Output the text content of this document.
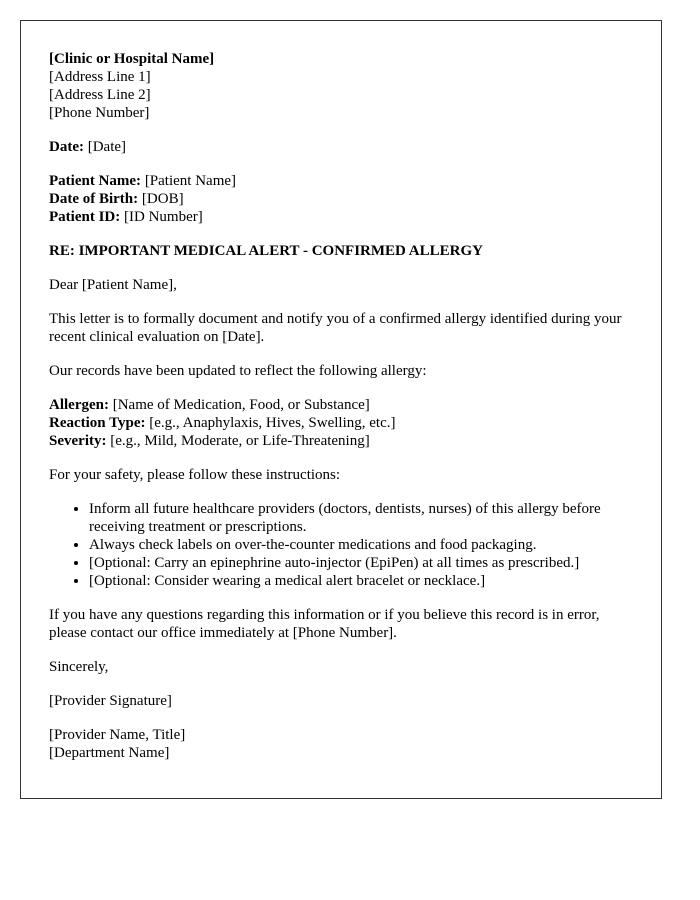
[Clinic or Hospital Name]
[Address Line 1]
[Address Line 2]
[Phone Number]

Date: [Date]

Patient Name: [Patient Name]
Date of Birth: [DOB]
Patient ID: [ID Number]

RE: IMPORTANT MEDICAL ALERT - CONFIRMED ALLERGY

Dear [Patient Name],

This letter is to formally document and notify you of a confirmed allergy identified during your recent clinical evaluation on [Date].

Our records have been updated to reflect the following allergy:

Allergen: [Name of Medication, Food, or Substance]
Reaction Type: [e.g., Anaphylaxis, Hives, Swelling, etc.]
Severity: [e.g., Mild, Moderate, or Life-Threatening]

For your safety, please follow these instructions:

• Inform all future healthcare providers (doctors, dentists, nurses) of this allergy before receiving treatment or prescriptions.
• Always check labels on over-the-counter medications and food packaging.
• [Optional: Carry an epinephrine auto-injector (EpiPen) at all times as prescribed.]
• [Optional: Consider wearing a medical alert bracelet or necklace.]

If you have any questions regarding this information or if you believe this record is in error, please contact our office immediately at [Phone Number].

Sincerely,

[Provider Signature]

[Provider Name, Title]
[Department Name]
